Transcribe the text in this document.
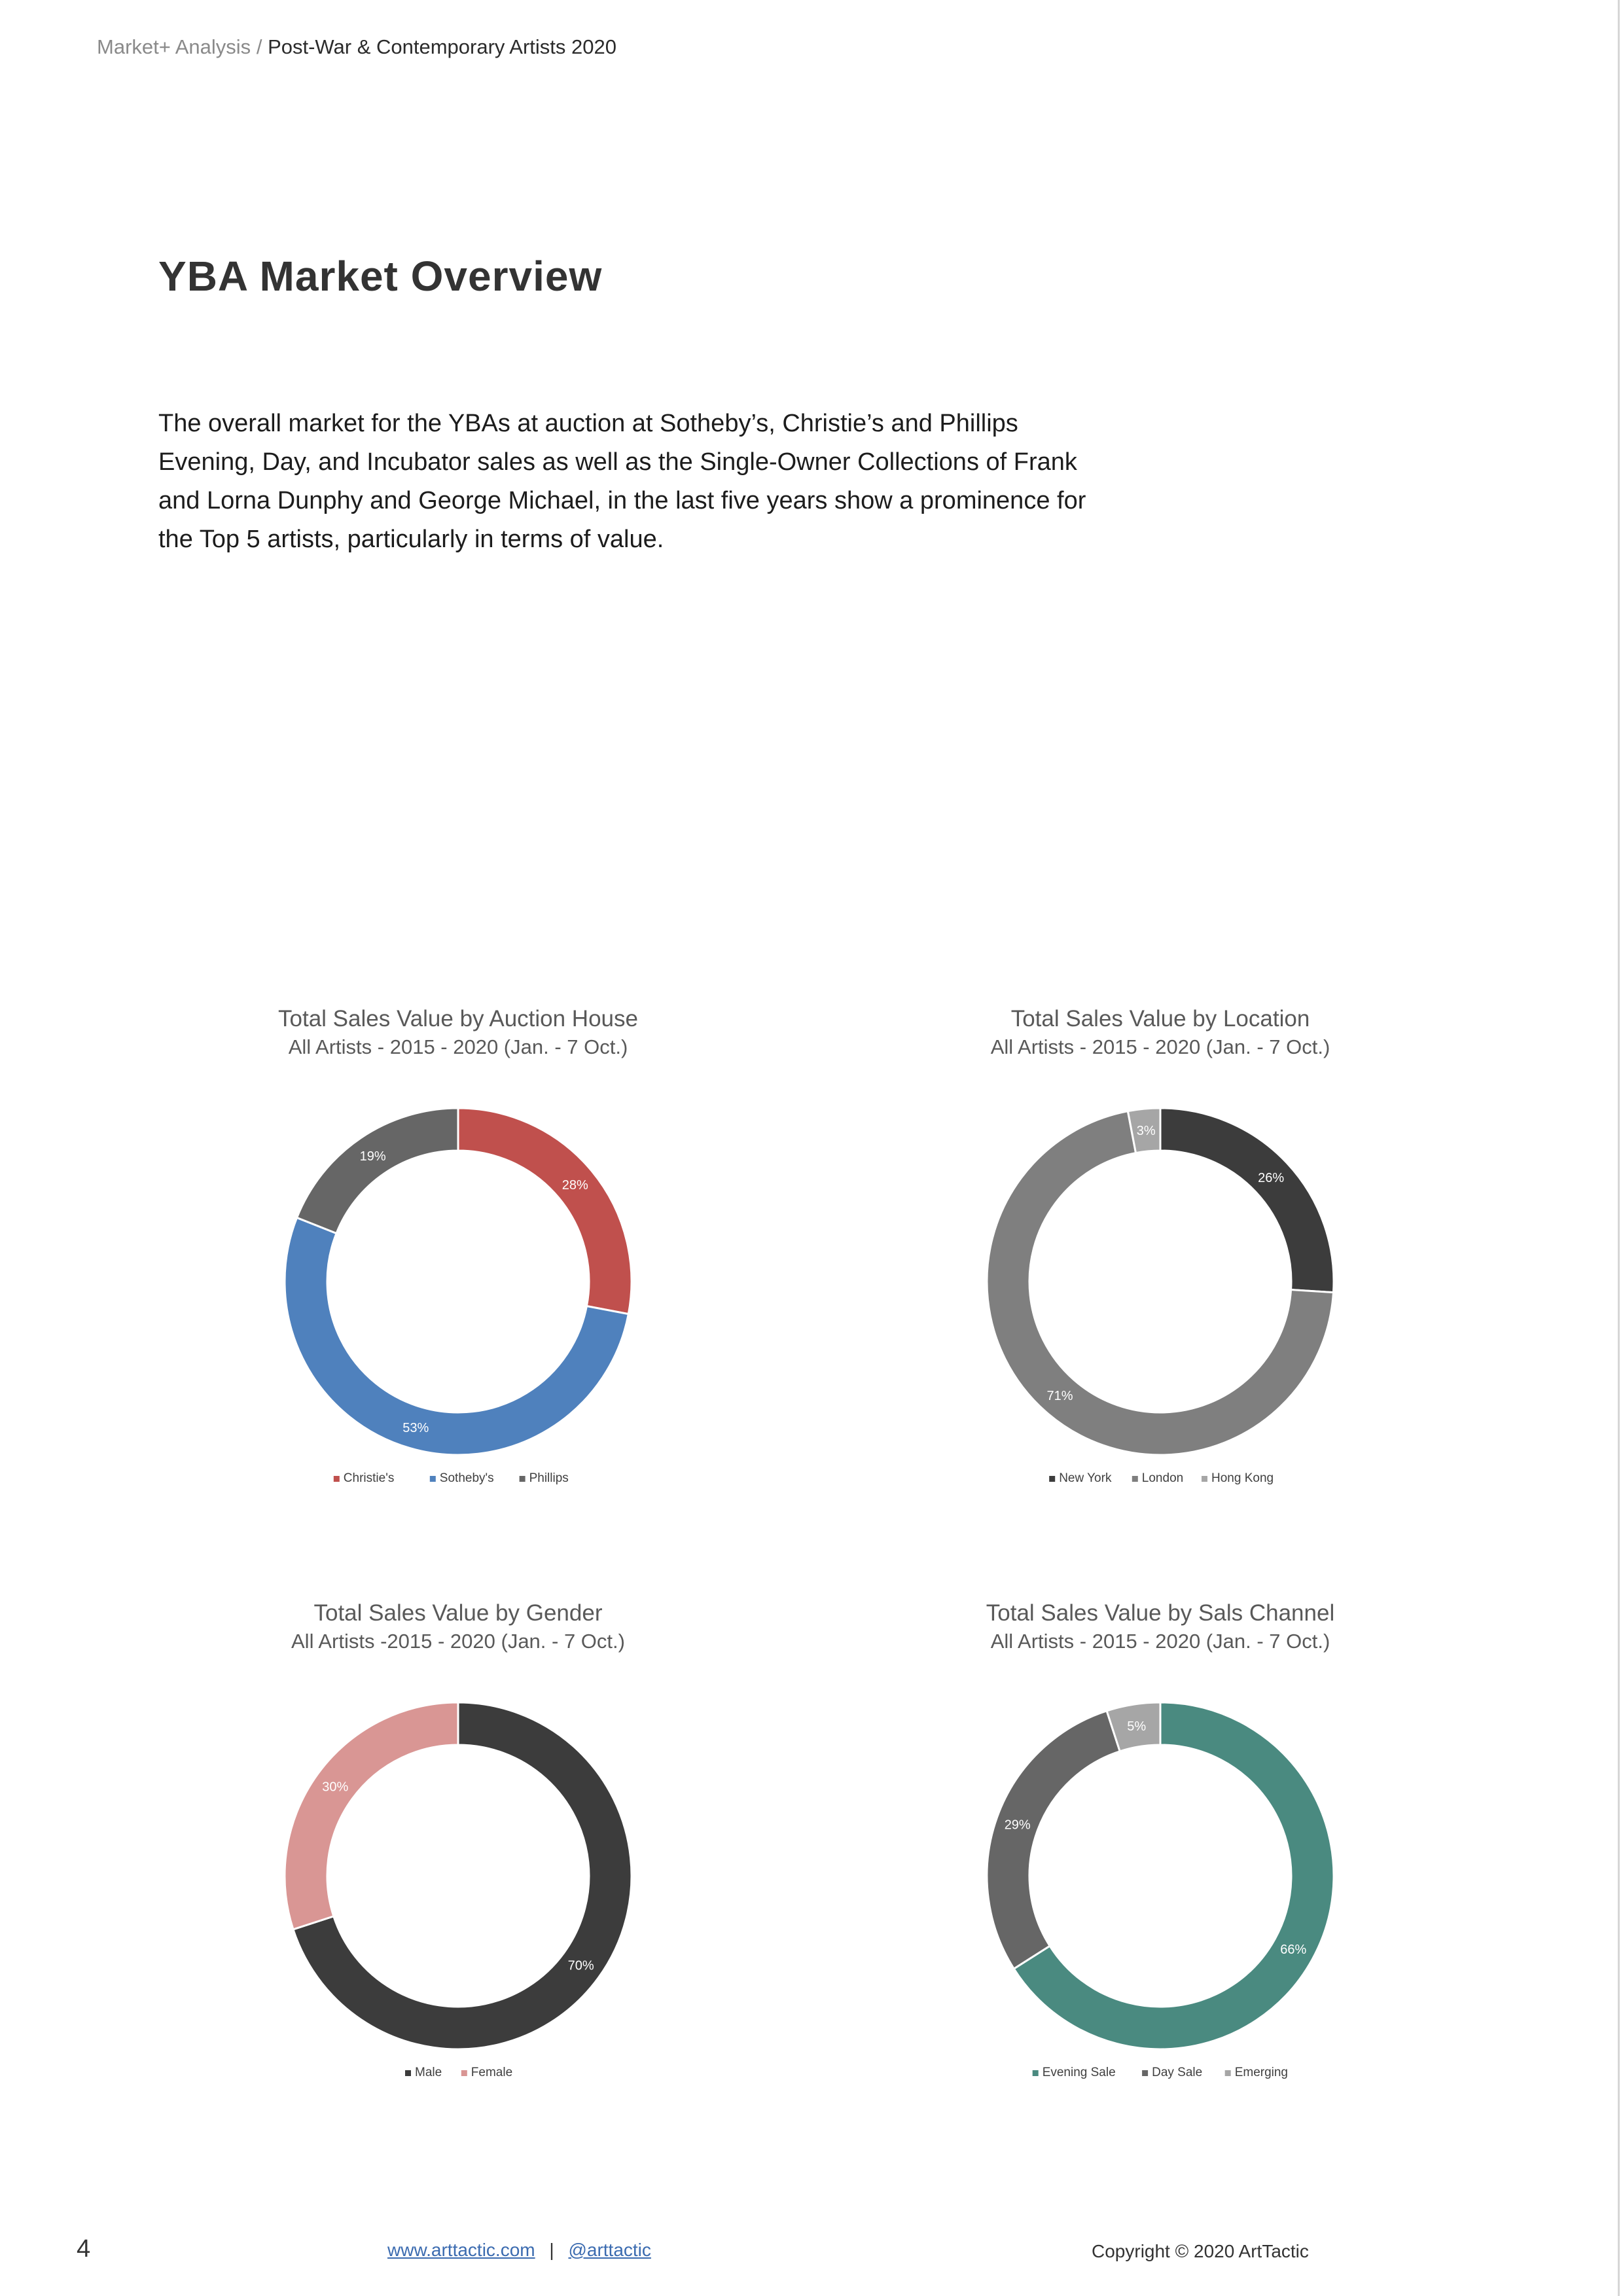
Market+ Analysis / Post-War & Contemporary Artists 2020
YBA Market Overview

The overall market for the YBAs at auction at Sotheby’s, Christie’s and Phillips Evening, Day, and Incubator sales as well as the Single-Owner Collections of Frank and Lorna Dunphy and George Michael, in the last five years show a prominence for the Top 5 artists, particularly in terms of value.

Total Sales Value by Auction House
All Artists - 2015 - 2020 (Jan. - 7 Oct.)
28%
53%
19%
Christie's	Sotheby's	Phillips
Total Sales Value by Location
All Artists - 2015 - 2020 (Jan. - 7 Oct.)
26%
71%
3%
New York London Hong Kong
Total Sales Value by Gender
All Artists -2015 - 2020 (Jan. - 7 Oct.)
70%
30%
Male Female
Total Sales Value by Sals Channel
All Artists - 2015 - 2020 (Jan. - 7 Oct.)
66%
29%
5%
Evening Sale	Day Sale	Emerging
4	www.arttactic.com | @arttactic	Copyright © 2020 ArtTactic
